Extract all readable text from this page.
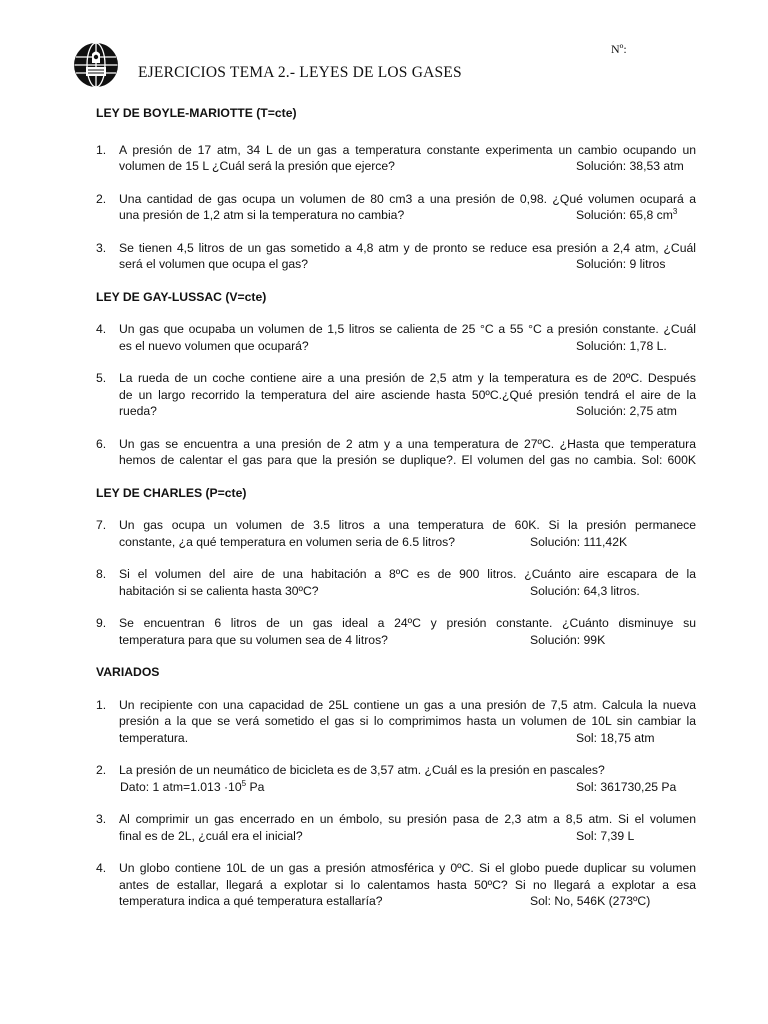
Nº:
EJERCICIOS TEMA 2.- LEYES DE LOS GASES

LEY DE BOYLE-MARIOTTE (T=cte)

1. A presión de 17 atm, 34 L de un gas a temperatura constante experimenta un cambio ocupando un
volumen de 15 L ¿Cuál será la presión que ejerce?	Solución: 38,53 atm
2. Una cantidad de gas ocupa un volumen de 80 cm3 a una presión de 0,98. ¿Qué volumen ocupará a
una presión de 1,2 atm si la temperatura no cambia?	Solución: 65,8 $cm^3$
3. Se tienen 4,5 litros de un gas sometido a 4,8 atm y de pronto se reduce esa presión a 2,4 atm, ¿Cuál
será el volumen que ocupa el gas?	Solución: 9 litros

LEY DE GAY-LUSSAC (V=cte)

4. Un gas que ocupaba un volumen de 1,5 litros se calienta de 25 °C a 55 °C a presión constante. ¿Cuál
es el nuevo volumen que ocupará?	Solución: 1,78 L.
5. La rueda de un coche contiene aire a una presión de 2,5 atm y la temperatura es de 20ºC. Después
de un largo recorrido la temperatura del aire asciende hasta 50ºC.¿Qué presión tendrá el aire de la
rueda?	Solución: 2,75 atm
6. Un gas se encuentra a una presión de 2 atm y a una temperatura de 27ºC. ¿Hasta que temperatura
hemos de calentar el gas para que la presión se duplique?. El volumen del gas no cambia. Sol: 600K

LEY DE CHARLES (P=cte)

7. Un gas ocupa un volumen de 3.5 litros a una temperatura de 60K. Si la presión permanece
constante, ¿a qué temperatura en volumen seria de 6.5 litros?	Solución: 111,42K
8. Si el volumen del aire de una habitación a 8ºC es de 900 litros. ¿Cuánto aire escapara de la
habitación si se calienta hasta 30ºC?	Solución: 64,3 litros.
9. Se encuentran 6 litros de un gas ideal a 24ºC y presión constante. ¿Cuánto disminuye su
temperatura para que su volumen sea de 4 litros?	Solución: 99K

VARIADOS

1. Un recipiente con una capacidad de 25L contiene un gas a una presión de 7,5 atm. Calcula la nueva
presión a la que se verá sometido el gas si lo comprimimos hasta un volumen de 10L sin cambiar la
temperatura.	Sol: 18,75 atm
2. La presión de un neumático de bicicleta es de 3,57 atm. ¿Cuál es la presión en pascales?
Dato: 1 $atm=1.013 \cdot 10^5$ Pa	Sol: 361730,25 Pa
3. Al comprimir un gas encerrado en un émbolo, su presión pasa de 2,3 atm a 8,5 atm. Si el volumen
final es de 2L, ¿cuál era el inicial?	Sol: 7,39 L
4. Un globo contiene 10L de un gas a presión atmosférica y 0ºC. Si el globo puede duplicar su volumen
antes de estallar, llegará a explotar si lo calentamos hasta 50ºC? Si no llegará a explotar a esa
temperatura indica a qué temperatura estallaría?	Sol: No, 546K (273ºC)
